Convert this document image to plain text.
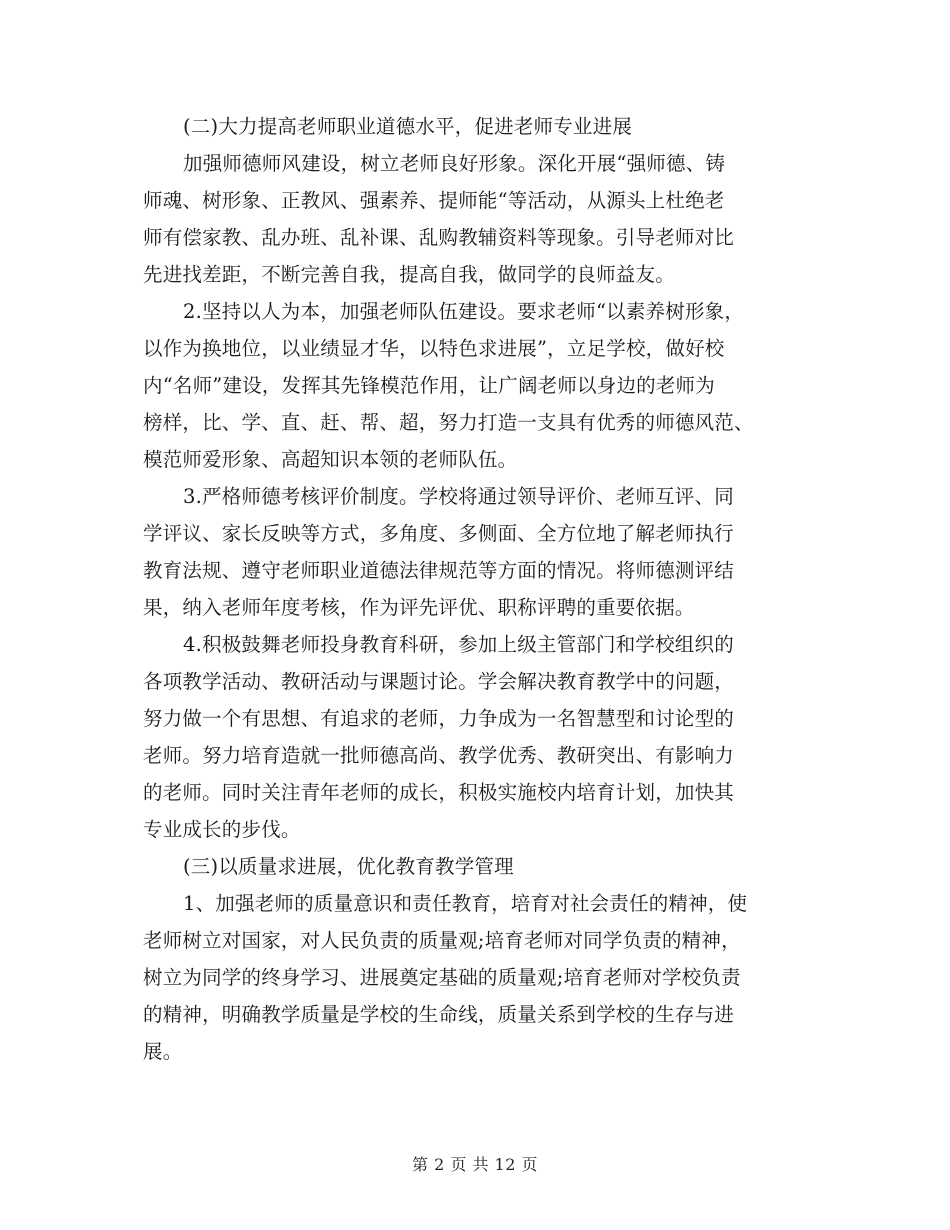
(二)大力提高老师职业道德水平，促进老师专业进展
加强师德师风建设，树立老师良好形象。深化开展“强师德、铸
师魂、树形象、正教风、强素养、提师能“等活动，从源头上杜绝老
师有偿家教、乱办班、乱补课、乱购教辅资料等现象。引导老师对比
先进找差距，不断完善自我，提高自我，做同学的良师益友。
2.坚持以人为本，加强老师队伍建设。要求老师“以素养树形象，
以作为换地位，以业绩显才华，以特色求进展”，立足学校，做好校
内“名师”建设，发挥其先锋模范作用，让广阔老师以身边的老师为
榜样，比、学、直、赶、帮、超，努力打造一支具有优秀的师德风范、
模范师爱形象、高超知识本领的老师队伍。
3.严格师德考核评价制度。学校将通过领导评价、老师互评、同
学评议、家长反映等方式，多角度、多侧面、全方位地了解老师执行
教育法规、遵守老师职业道德法律规范等方面的情况。将师德测评结
果，纳入老师年度考核，作为评先评优、职称评聘的重要依据。
4.积极鼓舞老师投身教育科研，参加上级主管部门和学校组织的
各项教学活动、教研活动与课题讨论。学会解决教育教学中的问题，
努力做一个有思想、有追求的老师，力争成为一名智慧型和讨论型的
老师。努力培育造就一批师德高尚、教学优秀、教研突出、有影响力
的老师。同时关注青年老师的成长，积极实施校内培育计划，加快其
专业成长的步伐。
(三)以质量求进展，优化教育教学管理
1、加强老师的质量意识和责任教育，培育对社会责任的精神，使
老师树立对国家，对人民负责的质量观;培育老师对同学负责的精神，
树立为同学的终身学习、进展奠定基础的质量观;培育老师对学校负责
的精神，明确教学质量是学校的生命线，质量关系到学校的生存与进
展。
第 2 页 共 12 页
